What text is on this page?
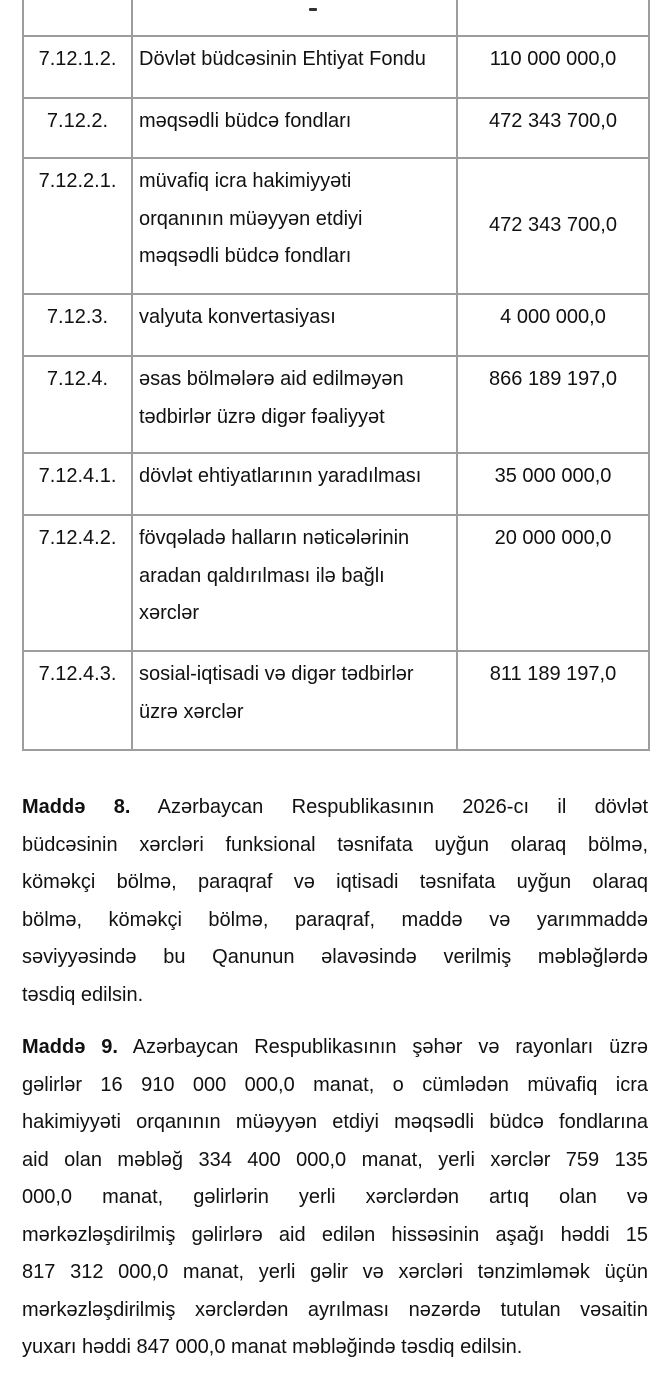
7.12.1.2.	Dövlət büdcəsinin Ehtiyat Fondu	110 000 000,0

7.12.2.	məqsədli büdcə fondları	472 343 700,0

7.12.2.1.	müvafiq icra hakimiyyəti
orqanının müəyyən etdiyi
məqsədli büdcə fondları	472 343 700,0

7.12.3.	valyuta konvertasiyası	4 000 000,0

7.12.4.	əsas bölmələrə aid edilməyən
tədbirlər üzrə digər fəaliyyət	866 189 197,0

7.12.4.1.	dövlət ehtiyatlarının yaradılması	35 000 000,0

7.12.4.2.	fövqəladə halların nəticələrinin
aradan qaldırılması ilə bağlı
xərclər	20 000 000,0

7.12.4.3.	sosial-iqtisadi və digər tədbirlər
üzrə xərclər	811 189 197,0
Maddə 8. Azərbaycan Respublikasının 2026-cı il dövlət
büdcəsinin xərcləri funksional təsnifata uyğun olaraq bölmə,
köməkçi bölmə, paraqraf və iqtisadi təsnifata uyğun olaraq
bölmə, köməkçi bölmə, paraqraf, maddə və yarımmaddə
səviyyəsində bu Qanunun əlavəsində verilmiş məbləğlərdə
təsdiq edilsin.
Maddə 9. Azərbaycan Respublikasının şəhər və rayonları üzrə
gəlirlər 16 910 000 000,0 manat, o cümlədən müvafiq icra
hakimiyyəti orqanının müəyyən etdiyi məqsədli büdcə fondlarına
aid olan məbləğ 334 400 000,0 manat, yerli xərclər 759 135
000,0 manat, gəlirlərin yerli xərclərdən artıq olan və
mərkəzləşdirilmiş gəlirlərə aid edilən hissəsinin aşağı həddi 15
817 312 000,0 manat, yerli gəlir və xərcləri tənzimləmək üçün
mərkəzləşdirilmiş xərclərdən ayrılması nəzərdə tutulan vəsaitin
yuxarı həddi 847 000,0 manat məbləğində təsdiq edilsin.
